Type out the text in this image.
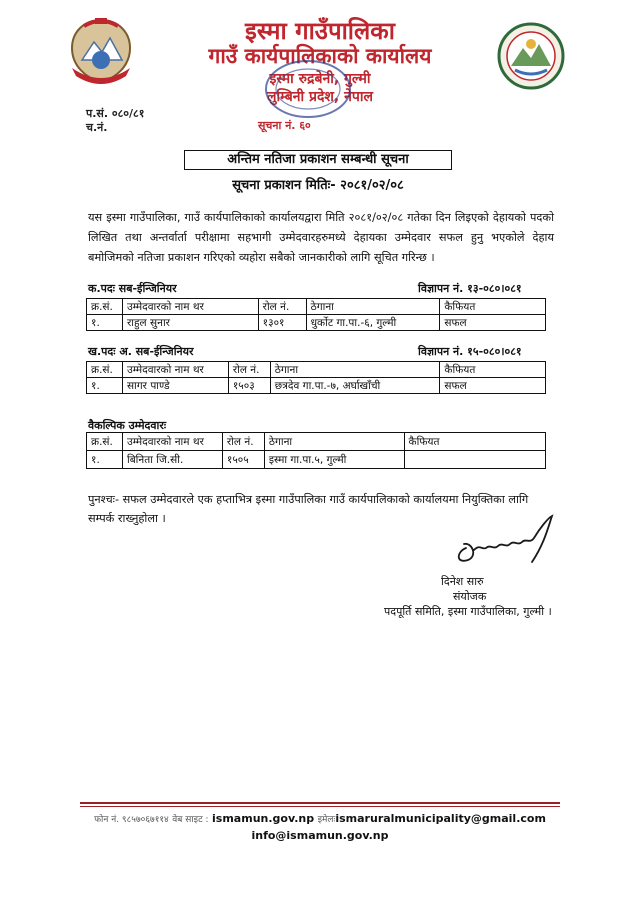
इस्मा गाउँपालिका
गाउँ कार्यपालिकाको कार्यालय
इस्मा रुद्रबेनी, गुल्मी
लुम्बिनी प्रदेश, नेपाल
प.सं. ०८०/८१
च.नं.	सूचना नं. ६०
अन्तिम नतिजा प्रकाशन सम्बन्धी सूचना
सूचना प्रकाशन मितिः- २०८१/०२/०८
यस इस्मा गाउँपालिका, गाउँ कार्यपालिकाको कार्यालयद्वारा मिति २०८१/०२/०८ गतेका दिन लिइएको देहायको पदको लिखित तथा अन्तर्वार्ता परीक्षामा सहभागी उम्मेदवारहरुमध्ये देहायका उम्मेदवार सफल हुनु भएकोले देहाय बमोजिमको नतिजा प्रकाशन गरिएको व्यहोरा सबैको जानकारीको लागि सूचित गरिन्छ ।
क.पदः सब-ईन्जिनियर	विज्ञापन नं. १३-०८०।०८१
क्र.सं.	उम्मेदवारको नाम थर	रोल नं.	ठेगाना	कैफियत
१.	राहुल सुनार	१३०१	धुर्कोट गा.पा.-६, गुल्मी	सफल
ख.पदः अ. सब-ईन्जिनियर	विज्ञापन नं. १५-०८०।०८१
क्र.सं.	उम्मेदवारको नाम थर	रोल नं.	ठेगाना	कैफियत
१.	सागर पाण्डे	१५०३	छत्रदेव गा.पा.-७, अर्घाखाँची	सफल
वैकल्पिक उम्मेदवारः
क्र.सं.	उम्मेदवारको नाम थर	रोल नं.	ठेगाना	कैफियत
१.	बिनिता जि.सी.	१५०५	इस्मा गा.पा.५, गुल्मी	
पुनश्चः- सफल उम्मेदवारले एक हप्ताभित्र इस्मा गाउँपालिका गाउँ कार्यपालिकाको कार्यालयमा नियुक्तिका लागि सम्पर्क राख्नुहोला ।
दिनेश सारु
संयोजक
पदपूर्ति समिति, इस्मा गाउँपालिका, गुल्मी ।
फोन नं. ९८५७०६७११४ वेब साइट : ismamun.gov.np इमेलःismaruralmunicipality@gmail.com
info@ismamun.gov.np
